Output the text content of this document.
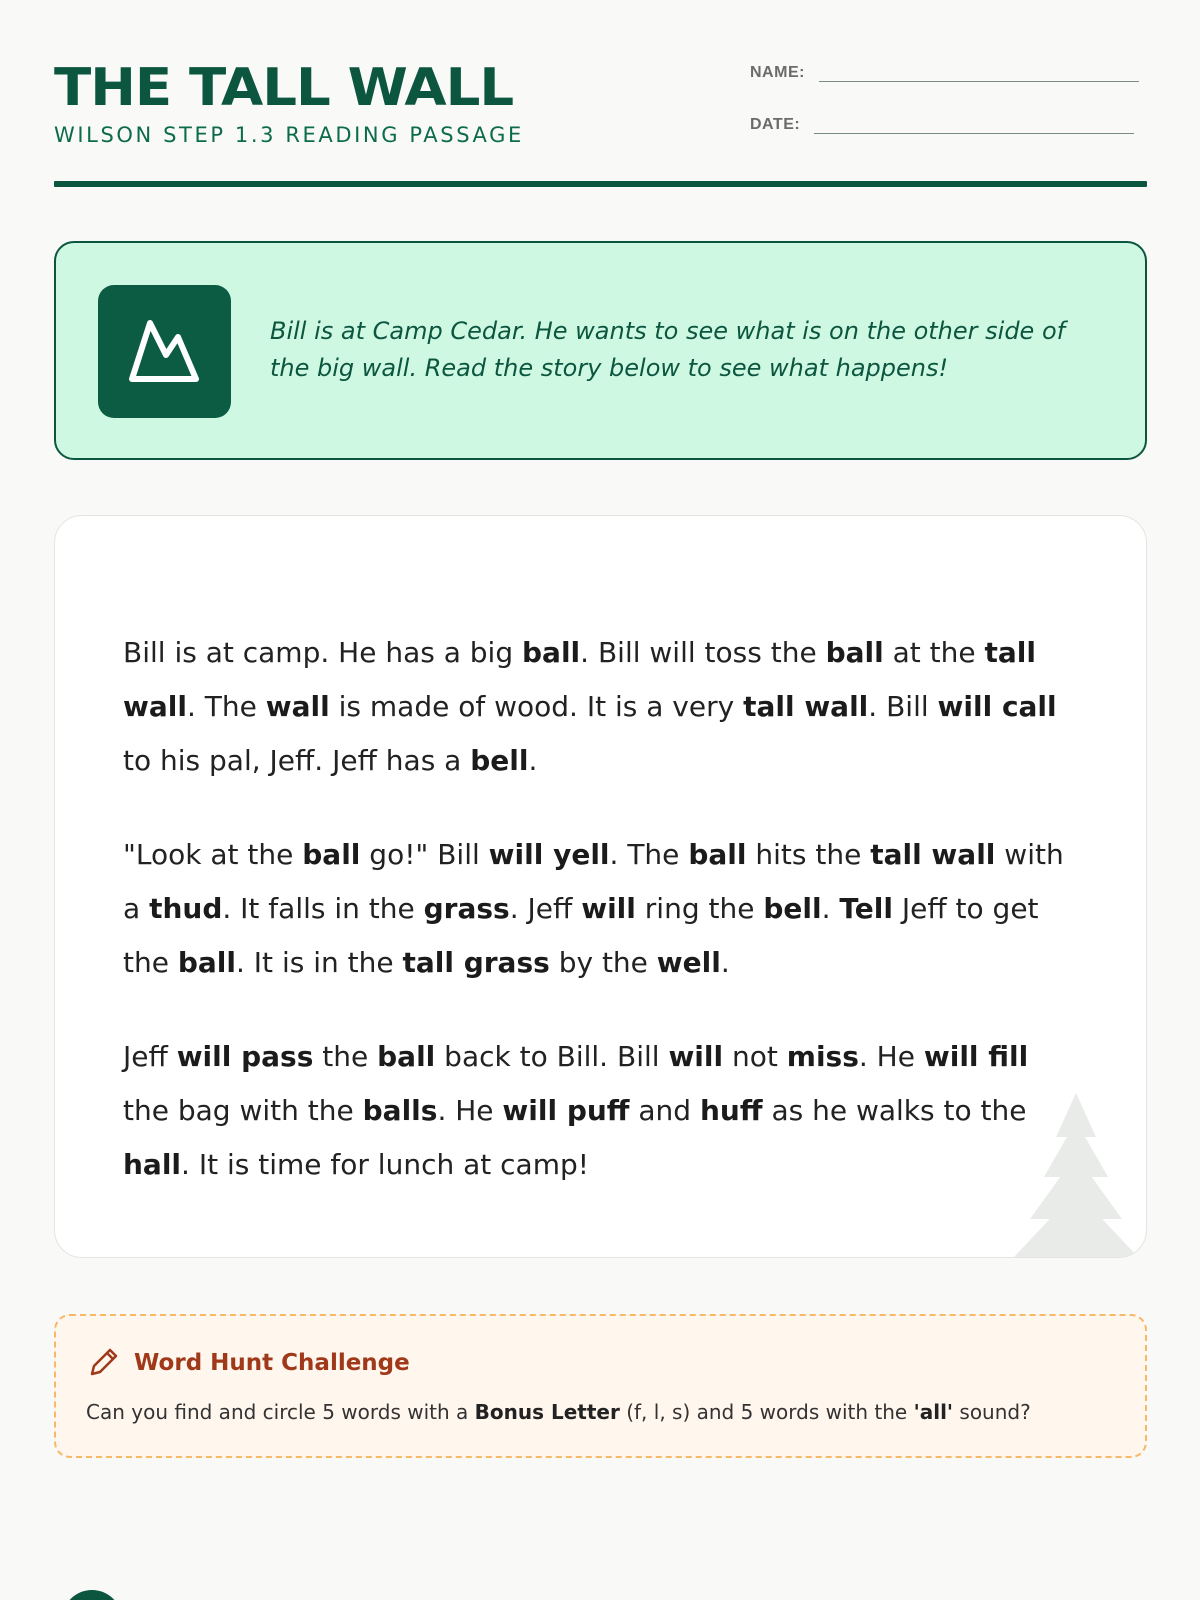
THE TALL WALL
WILSON STEP 1.3 READING PASSAGE
NAME:
DATE:
Bill is at Camp Cedar. He wants to see what is on the other side of the big wall. Read the story below to see what happens!

Bill is at camp. He has a big ball. Bill will toss the ball at the tall wall. The wall is made of wood. It is a very tall wall. Bill will call to his pal, Jeff. Jeff has a bell.

"Look at the ball go!" Bill will yell. The ball hits the tall wall with a thud. It falls in the grass. Jeff will ring the bell. Tell Jeff to get the ball. It is in the tall grass by the well.

Jeff will pass the ball back to Bill. Bill will not miss. He will fill the bag with the balls. He will puff and huff as he walks to the hall. It is time for lunch at camp!

Word Hunt Challenge
Can you find and circle 5 words with a Bonus Letter (f, l, s) and 5 words with the 'all' sound?
